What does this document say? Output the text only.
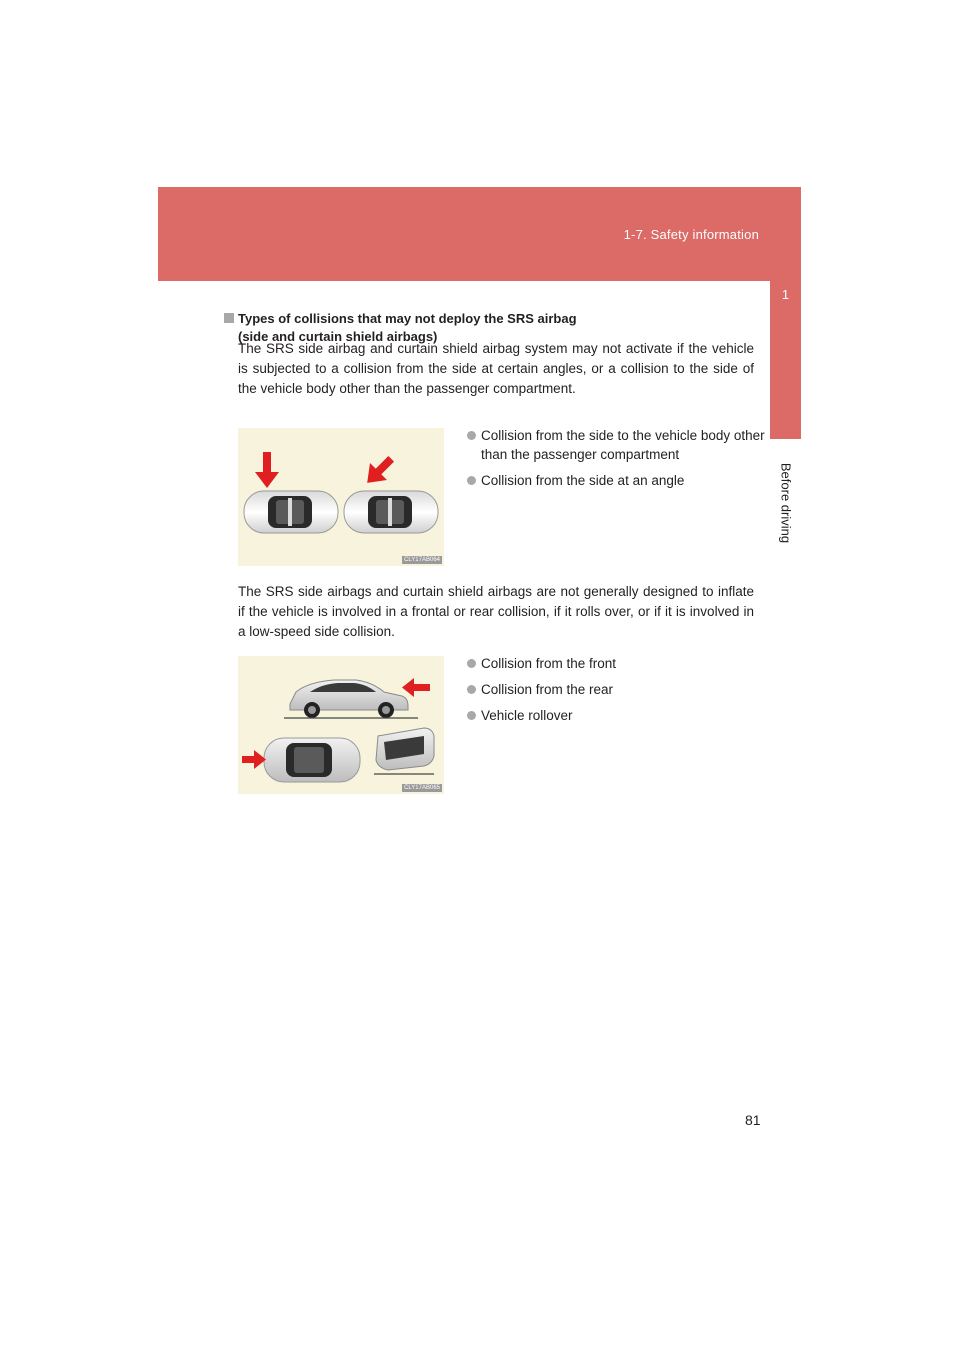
1-7. Safety information
1
Before driving
Types of collisions that may not deploy the SRS airbag
(side and curtain shield airbags)

The SRS side airbag and curtain shield airbag system may not activate if the vehicle is subjected to a collision from the side at certain angles, or a collision to the side of the vehicle body other than the passenger compartment.

CLY17AB064
Collision from the side to the vehicle body other than the passenger compartment
Collision from the side at an angle

The SRS side airbags and curtain shield airbags are not generally designed to inflate if the vehicle is involved in a frontal or rear collision, if it rolls over, or if it is involved in a low-speed side collision.

CLY17AB065
Collision from the front
Collision from the rear
Vehicle rollover
81
